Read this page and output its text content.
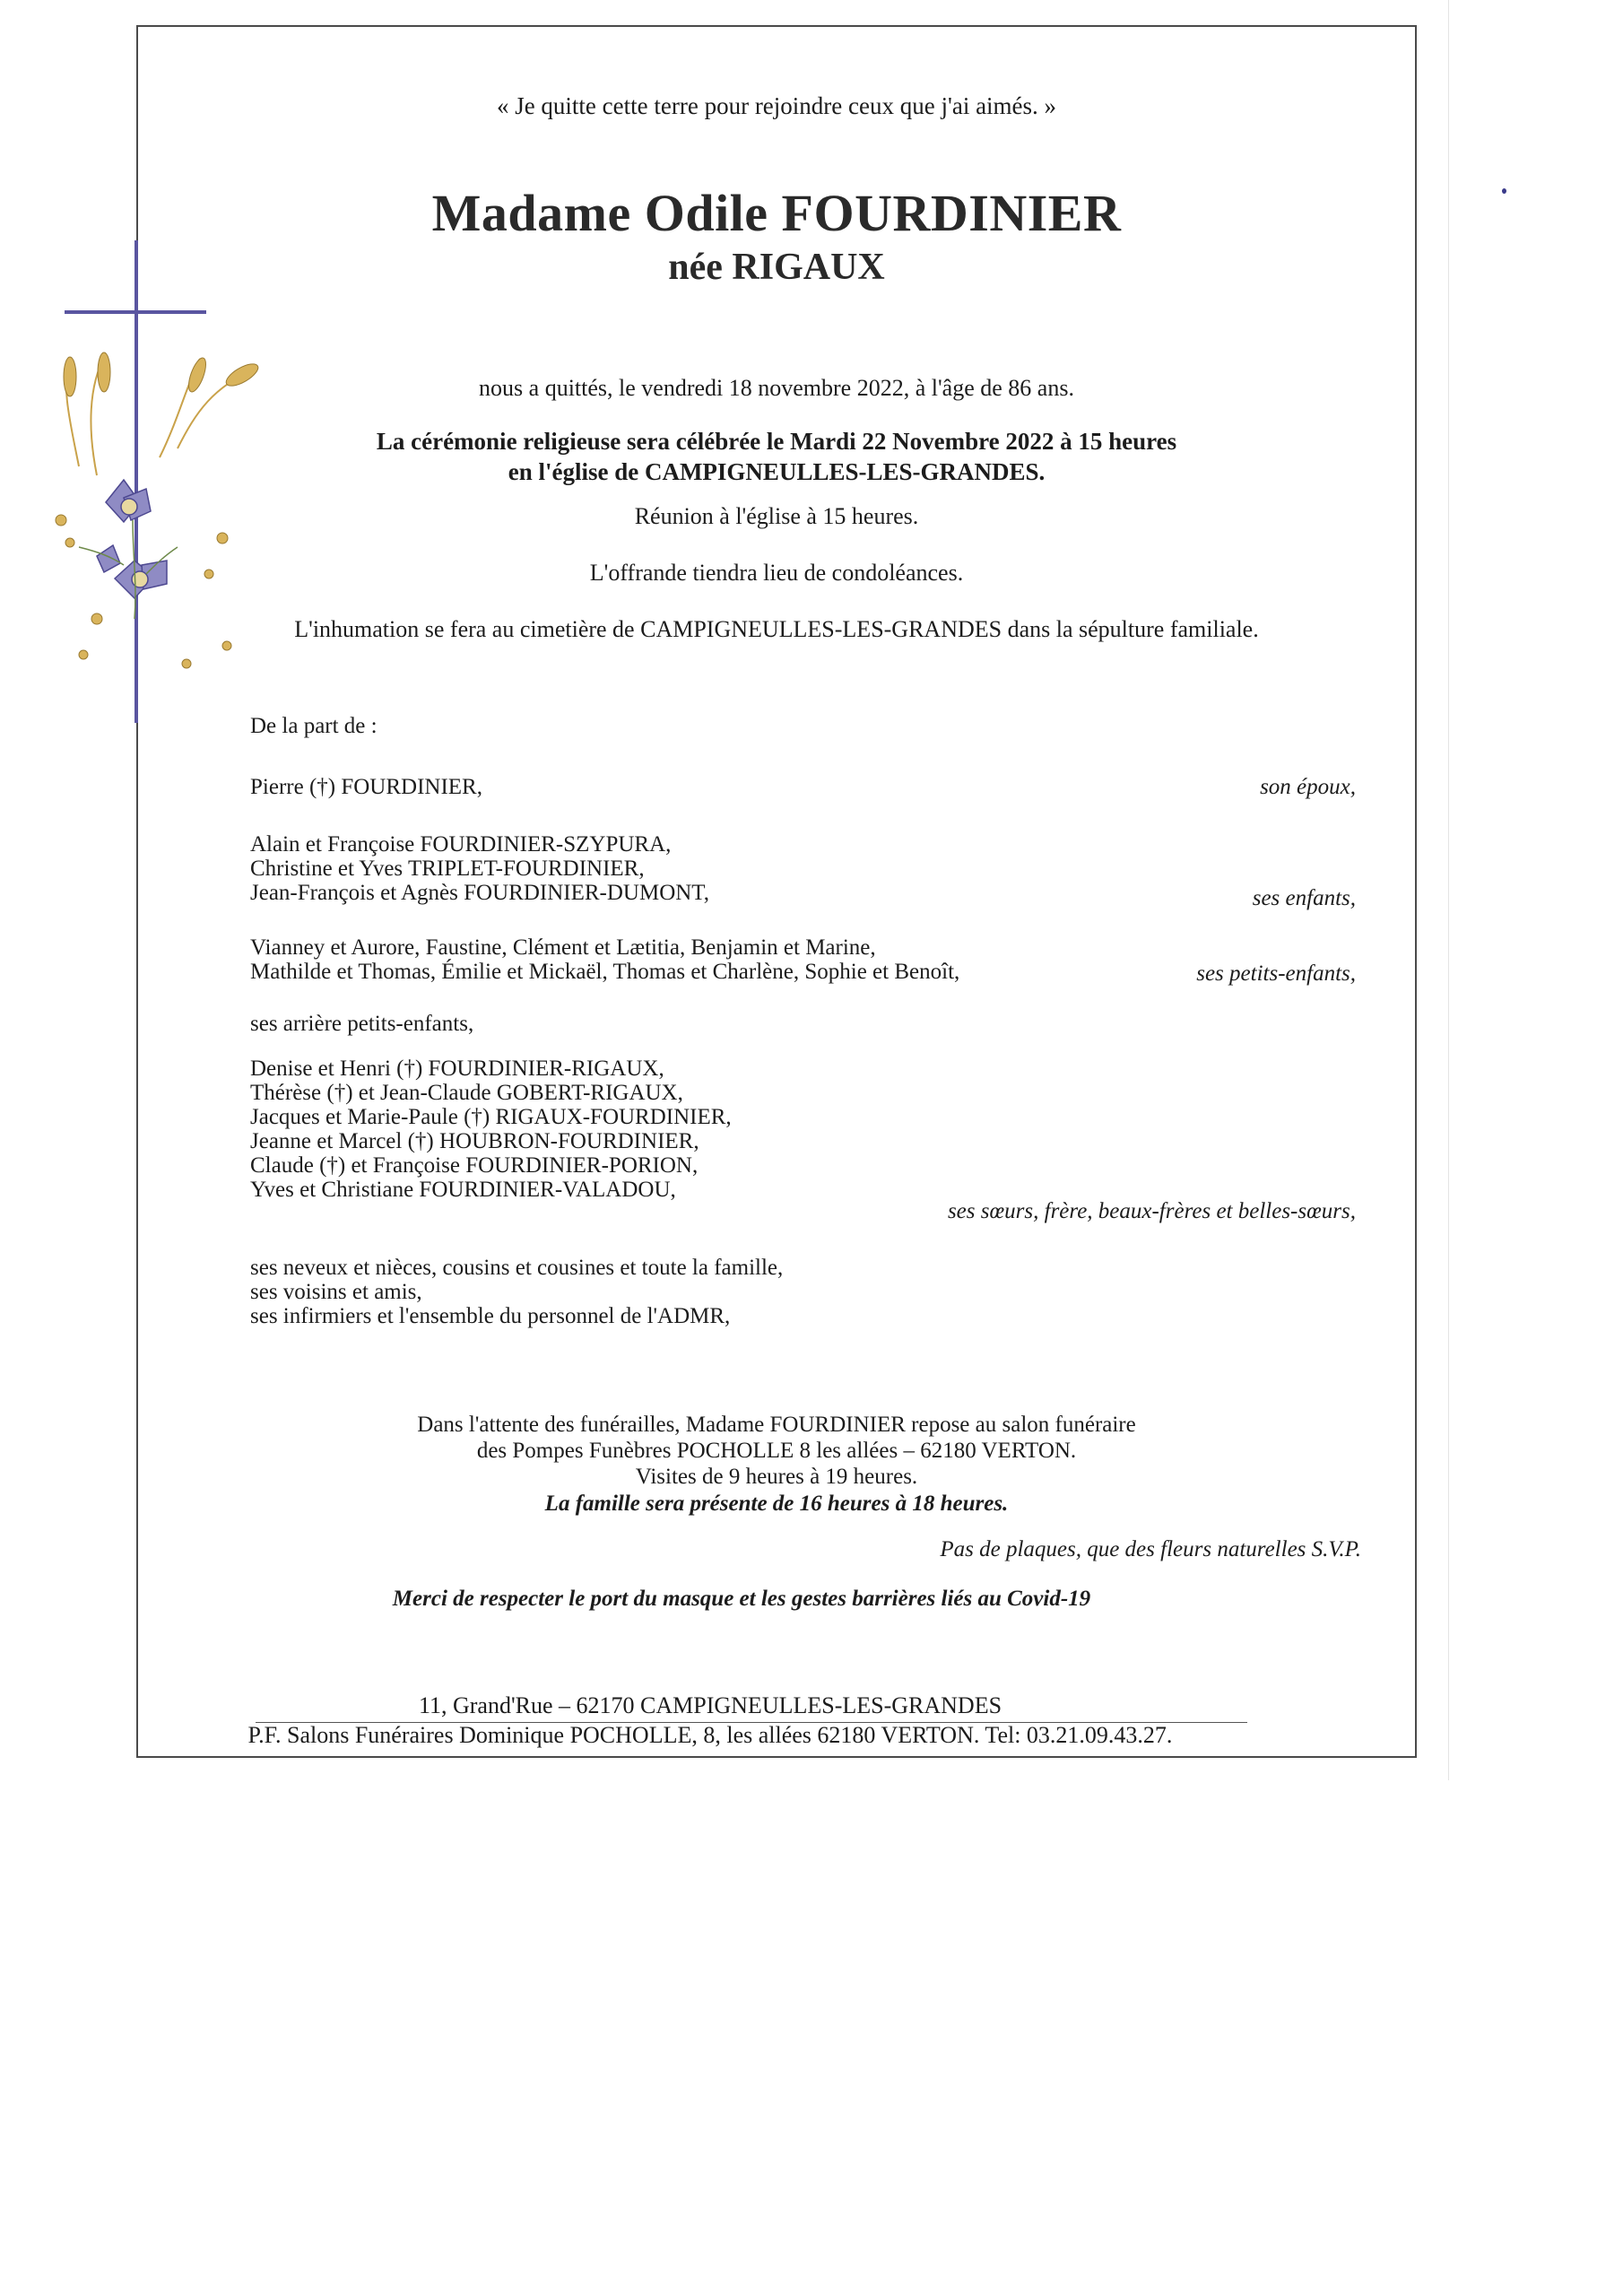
« Je quitte cette terre pour rejoindre ceux que j'ai aimés. »
Madame Odile FOURDINIER
née RIGAUX
nous a quittés, le vendredi 18 novembre 2022, à l'âge de 86 ans.
La cérémonie religieuse sera célébrée le Mardi 22 Novembre 2022 à 15 heures
en l'église de CAMPIGNEULLES-LES-GRANDES.
Réunion à l'église à 15 heures.
L'offrande tiendra lieu de condoléances.
L'inhumation se fera au cimetière de CAMPIGNEULLES-LES-GRANDES dans la sépulture familiale.
De la part de :
Pierre (†) FOURDINIER,	son époux,
Alain et Françoise FOURDINIER-SZYPURA,
Christine et Yves TRIPLET-FOURDINIER,
Jean-François et Agnès FOURDINIER-DUMONT,	ses enfants,
Vianney et Aurore, Faustine, Clément et Lætitia, Benjamin et Marine,
Mathilde et Thomas, Émilie et Mickaël, Thomas et Charlène, Sophie et Benoît,	ses petits-enfants,
ses arrière petits-enfants,
Denise et Henri (†) FOURDINIER-RIGAUX,
Thérèse (†) et Jean-Claude GOBERT-RIGAUX,
Jacques et Marie-Paule (†) RIGAUX-FOURDINIER,
Jeanne et Marcel (†) HOUBRON-FOURDINIER,
Claude (†) et Françoise FOURDINIER-PORION,
Yves et Christiane FOURDINIER-VALADOU,
ses sœurs, frère, beaux-frères et belles-sœurs,
ses neveux et nièces, cousins et cousines et toute la famille,
ses voisins et amis,
ses infirmiers et l'ensemble du personnel de l'ADMR,
Dans l'attente des funérailles, Madame FOURDINIER repose au salon funéraire
des Pompes Funèbres POCHOLLE 8 les allées – 62180 VERTON.
Visites de 9 heures à 19 heures.
La famille sera présente de 16 heures à 18 heures.
Pas de plaques, que des fleurs naturelles S.V.P.
Merci de respecter le port du masque et les gestes barrières liés au Covid-19
11, Grand'Rue – 62170 CAMPIGNEULLES-LES-GRANDES
P.F. Salons Funéraires Dominique POCHOLLE, 8, les allées 62180 VERTON. Tel: 03.21.09.43.27.
